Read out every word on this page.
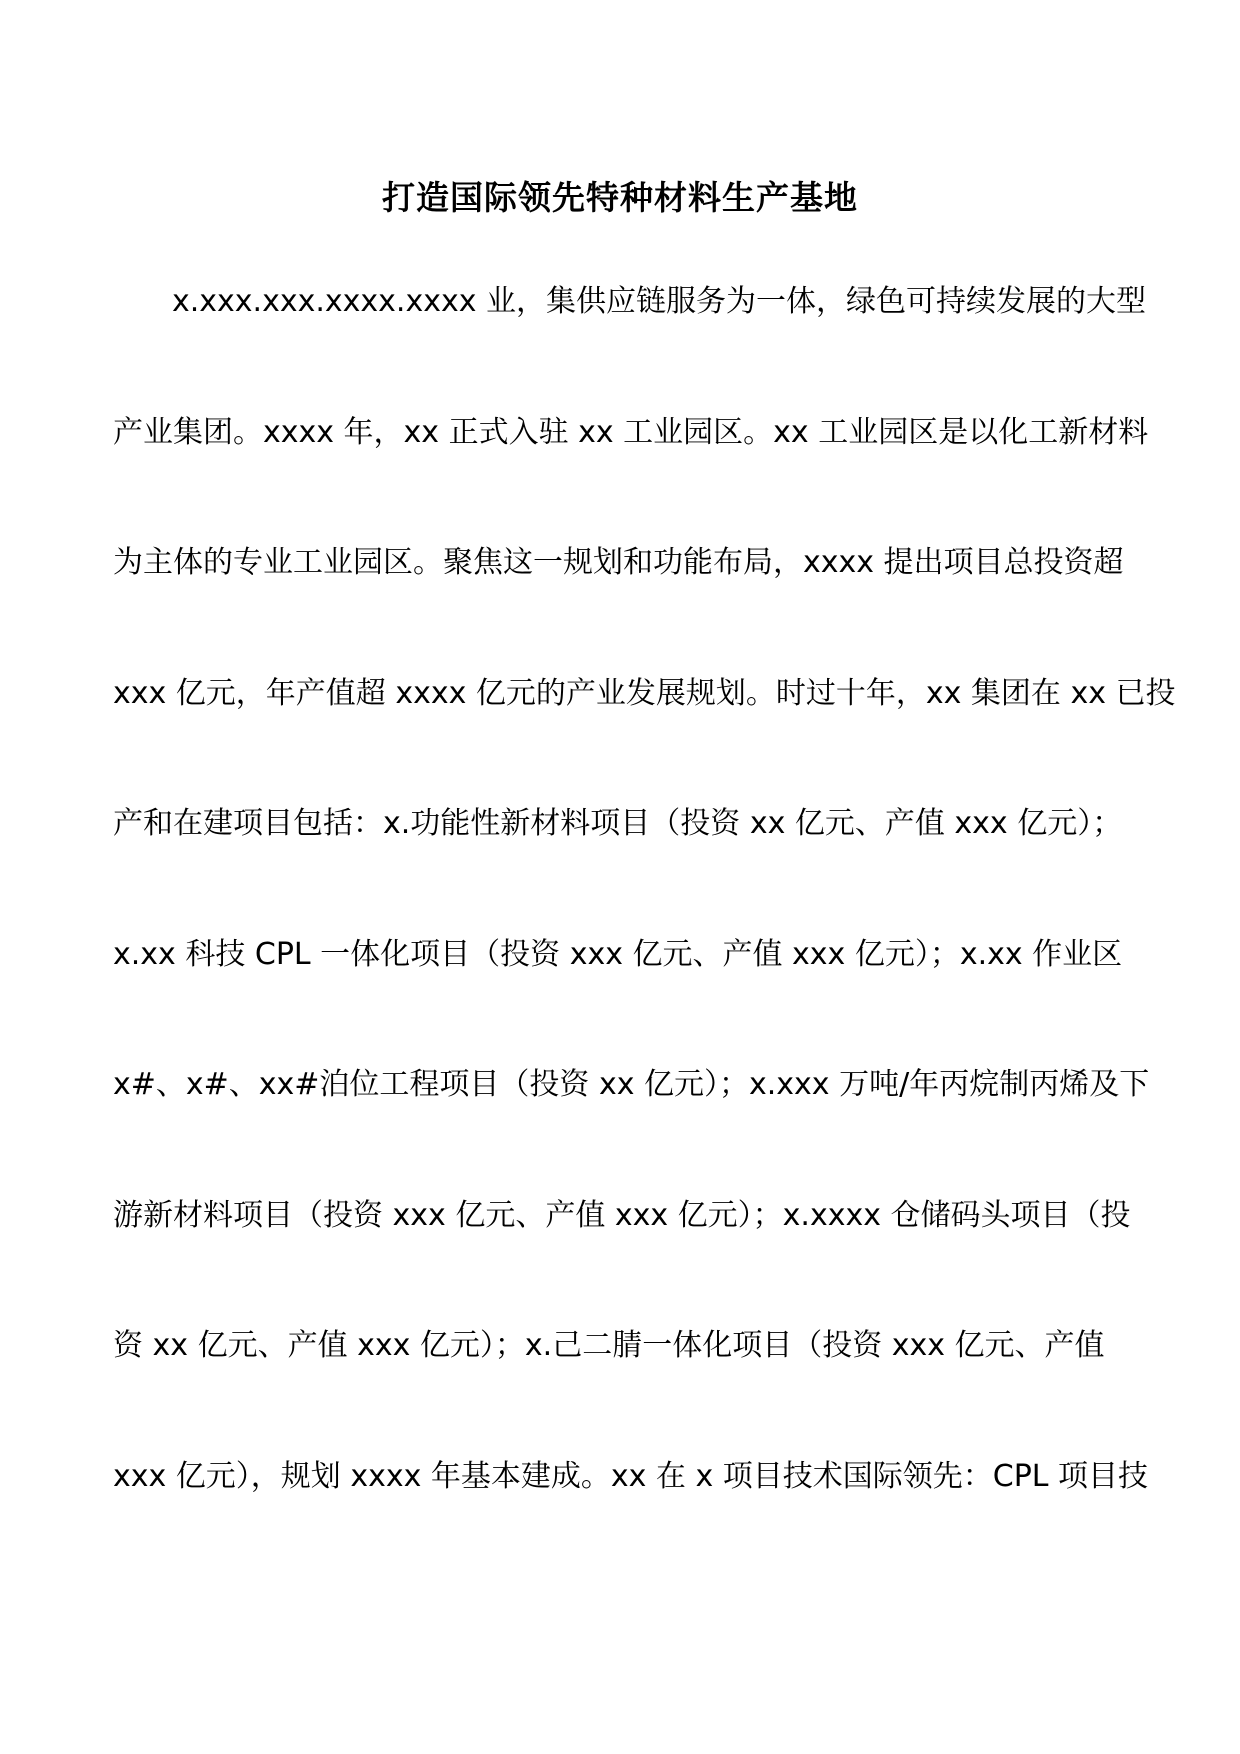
打造国际领先特种材料生产基地
x.xxx.xxx.xxxx.xxxx 业，集供应链服务为一体，绿色可持续发展的大型
产业集团。xxxx 年，xx 正式入驻 xx 工业园区。xx 工业园区是以化工新材料
为主体的专业工业园区。聚焦这一规划和功能布局，xxxx 提出项目总投资超
xxx 亿元，年产值超 xxxx 亿元的产业发展规划。时过十年，xx 集团在 xx 已投
产和在建项目包括：x.功能性新材料项目（投资 xx 亿元、产值 xxx 亿元）；
x.xx 科技 CPL 一体化项目（投资 xxx 亿元、产值 xxx 亿元）；x.xx 作业区
x#、x#、xx#泊位工程项目（投资 xx 亿元）；x.xxx 万吨/年丙烷制丙烯及下
游新材料项目（投资 xxx 亿元、产值 xxx 亿元）；x.xxxx 仓储码头项目（投
资 xx 亿元、产值 xxx 亿元）；x.己二腈一体化项目（投资 xxx 亿元、产值
xxx 亿元），规划 xxxx 年基本建成。xx 在 x 项目技术国际领先：CPL 项目技
